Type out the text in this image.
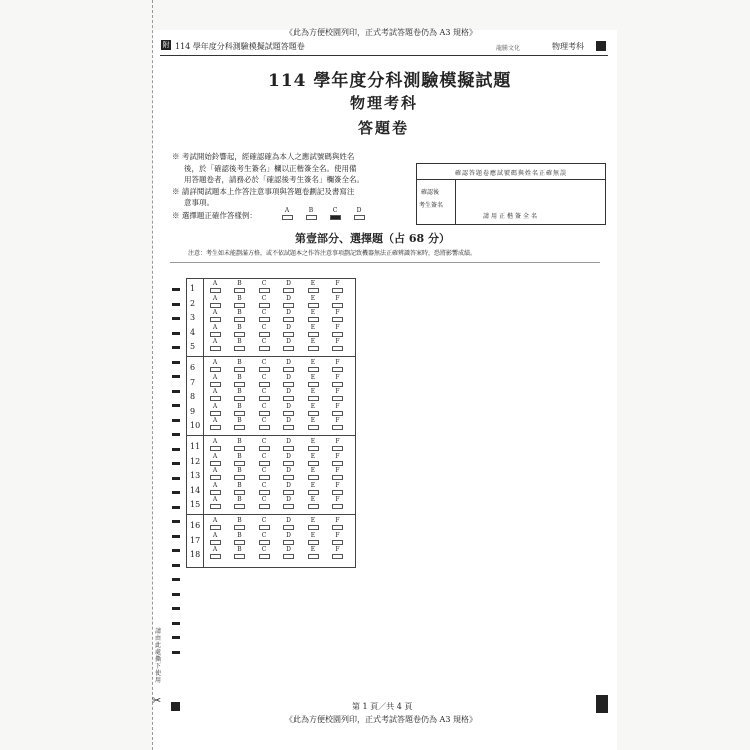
《此為方便校園列印，正式考試答題卷仍為 A3 規格》
附 114 學年度分科測驗模擬試題答題卷	龍騰文化	物理考科
114 學年度分科測驗模擬試題
物理考科
答題卷
※ 考試開始鈴響起，經確認確為本人之應試號碼與姓名
後，於「確認後考生簽名」欄以正楷簽全名。使用備
用答題卷者，請務必於「確認後考生簽名」欄簽全名。
※ 請詳閱試題本上作答注意事項與答題卷劃記及書寫注
意事項。
※ 選擇題正確作答樣例：
A	B	C	D
確認答題卷應試號碼與姓名正確無誤
確認後
考生簽名
請用正楷簽全名
第壹部分、選擇題（占 68 分）
注意：考生如未能劃滿方格，或不依試題本之作答注意事項劃記致機器無法正確辨識答案時，恐將影響成績。
1
A	B	C	D	E	F
2
A	B	C	D	E	F
3
A	B	C	D	E	F
4
A	B	C	D	E	F
5
A	B	C	D	E	F
6
A	B	C	D	E	F
7
A	B	C	D	E	F
8
A	B	C	D	E	F
9
A	B	C	D	E	F
10
A	B	C	D	E	F
11
A	B	C	D	E	F
12
A	B	C	D	E	F
13
A	B	C	D	E	F
14
A	B	C	D	E	F
15
A	B	C	D	E	F
16
A	B	C	D	E	F
17
A	B	C	D	E	F
18
A	B	C	D	E	F
請由此處撕下使用
✂	第 1 頁／共 4 頁
《此為方便校園列印，正式考試答題卷仍為 A3 規格》
